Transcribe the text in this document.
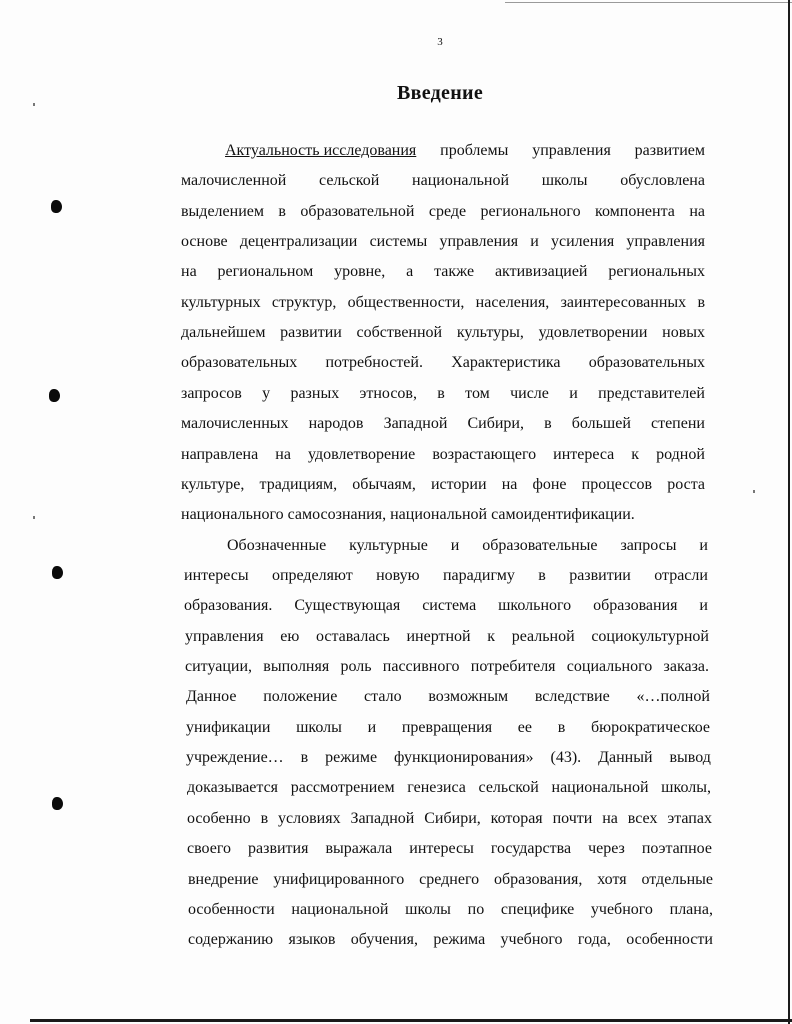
3
Введение
Актуальность исследования проблемы управления развитием
малочисленной сельской национальной школы обусловлена
выделением в образовательной среде регионального компонента на
основе децентрализации системы управления и усиления управления
на региональном уровне, а также активизацией региональных
культурных структур, общественности, населения, заинтересованных в
дальнейшем развитии собственной культуры, удовлетворении новых
образовательных потребностей. Характеристика образовательных
запросов у разных этносов, в том числе и представителей
малочисленных народов Западной Сибири, в большей степени
направлена на удовлетворение возрастающего интереса к родной
культуре, традициям, обычаям, истории на фоне процессов роста
национального самосознания, национальной самоидентификации.
Обозначенные культурные и образовательные запросы и
интересы определяют новую парадигму в развитии отрасли
образования. Существующая система школьного образования и
управления ею оставалась инертной к реальной социокультурной
ситуации, выполняя роль пассивного потребителя социального заказа.
Данное положение стало возможным вследствие «…полной
унификации школы и превращения ее в бюрократическое
учреждение… в режиме функционирования» (43). Данный вывод
доказывается рассмотрением генезиса сельской национальной школы,
особенно в условиях Западной Сибири, которая почти на всех этапах
своего развития выражала интересы государства через поэтапное
внедрение унифицированного среднего образования, хотя отдельные
особенности национальной школы по специфике учебного плана,
содержанию языков обучения, режима учебного года, особенности
